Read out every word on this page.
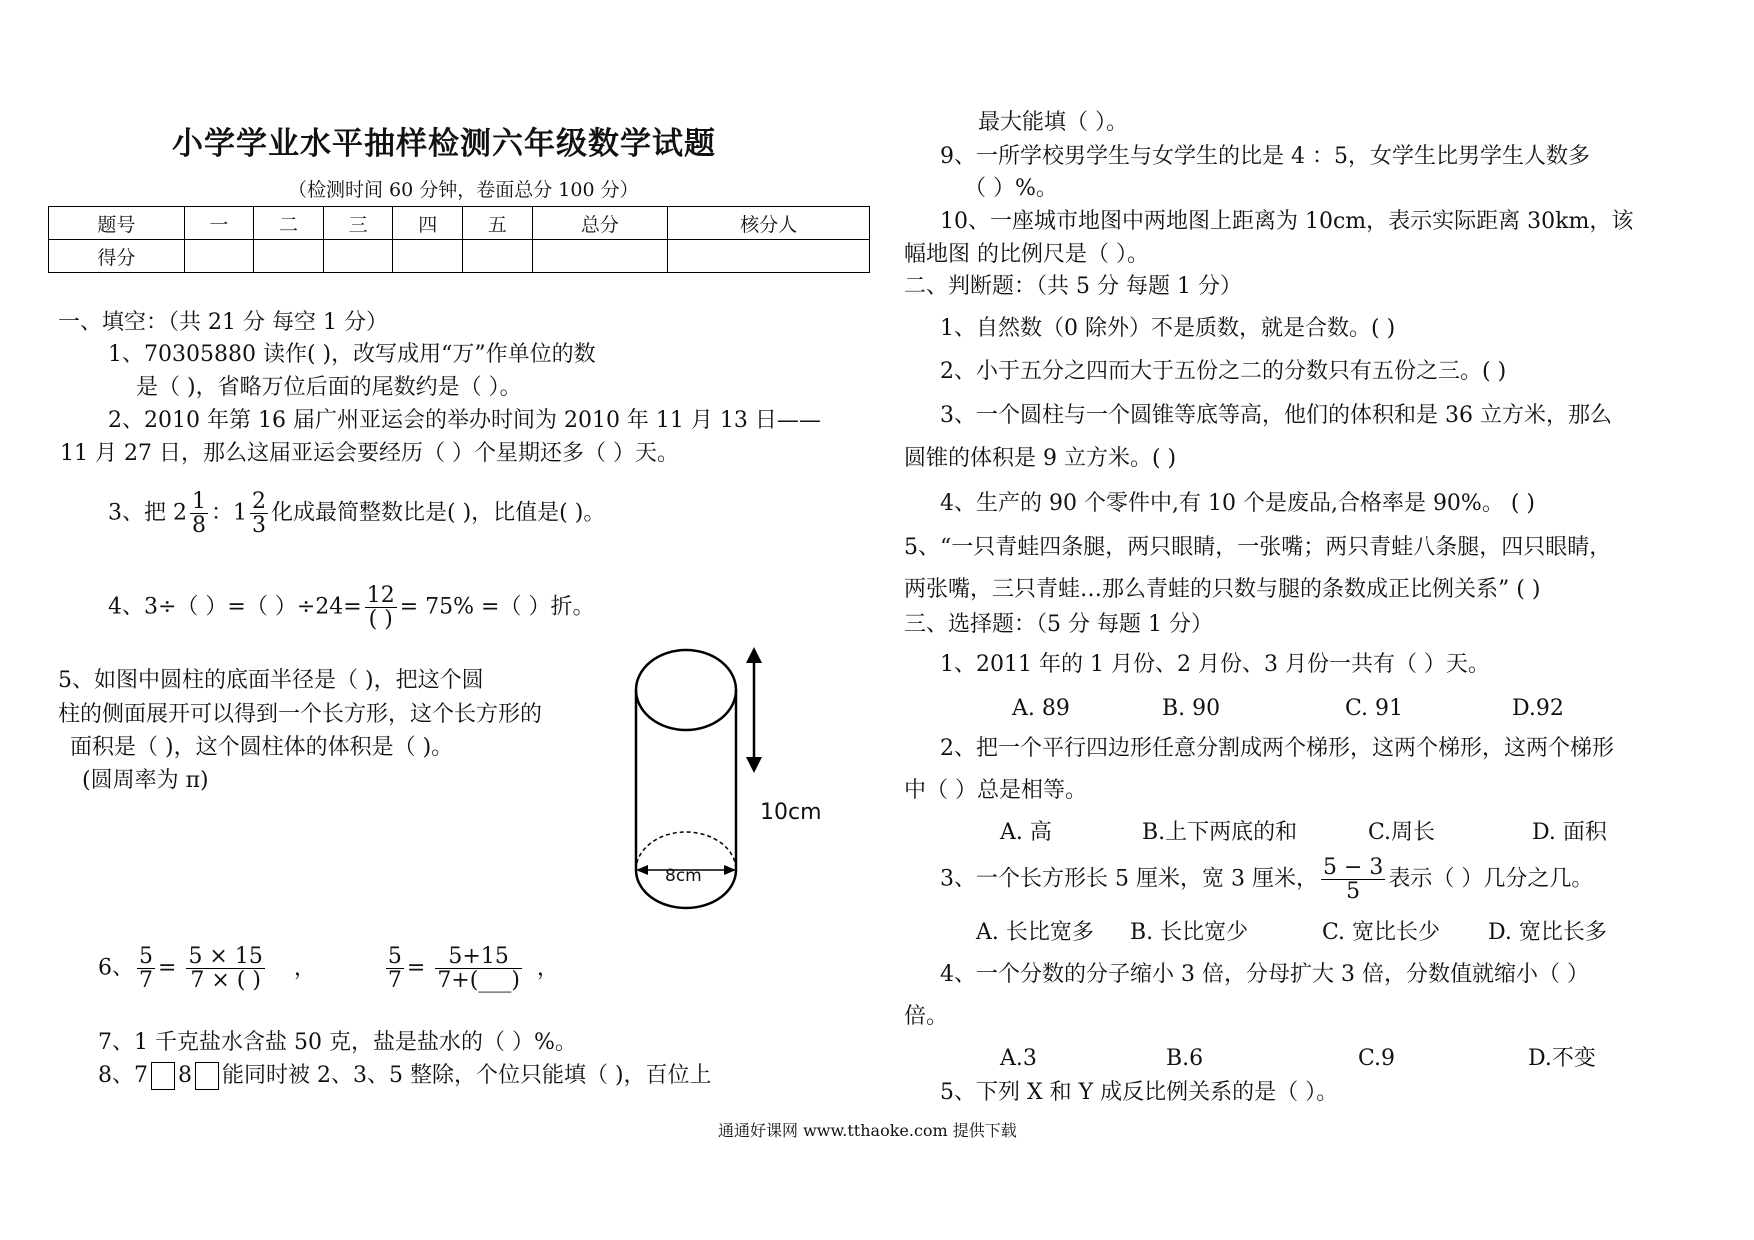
小学学业水平抽样检测六年级数学试题
（检测时间 60 分钟，卷面总分 100 分）
题号	一	二	三	四	五	总分	核分人
得分							
一、填空：（共 21 分 每空 1 分）
1、70305880 读作( )，改写成用“万”作单位的数
是（ )，省略万位后面的尾数约是（ ）。
2、2010 年第 16 届广州亚运会的举办时间为 2010 年 11 月 13 日——
11 月 27 日，那么这届亚运会要经历（ ）个星期还多（ ）天。
3、把 $2 \frac{1}{8}$ ：$1 \frac{2}{3}$ 化成最简整数比是( )，比值是( )。
4、3÷（ ）=（ ）$\div 24= \frac{12}{( )} = 75\%$ =（ ）折。
5、如图中圆柱的底面半径是（ )，把这个圆
柱的侧面展开可以得到一个长方形，这个长方形的
面积是（ )，这个圆柱体的体积是（ )。
(圆周率为 π)
10cm
8cm
6、 $\frac{5}{7} = \frac{5 \times 15}{7 \times ( )}$ ，	$\frac{5}{7} = \frac{5+15}{7+(\_\_\_)}$ ，
7、1 千克盐水含盐 50 克，盐是盐水的（ ）%。
8、7 8 能同时被 2、3、5 整除，个位只能填（ )，百位上
最大能填（ ）。
9、一所学校男学生与女学生的比是 4 ：5，女学生比男学生人数多
（ ）%。
10、一座城市地图中两地图上距离为 10cm，表示实际距离 30km，该
幅地图 的比例尺是（ ）。
二、判断题：（共 5 分 每题 1 分）
1、自然数（0 除外）不是质数，就是合数。( )
2、小于五分之四而大于五份之二的分数只有五份之三。( )
3、一个圆柱与一个圆锥等底等高，他们的体积和是 36 立方米，那么
圆锥的体积是 9 立方米。( )
4、生产的 90 个零件中,有 10 个是废品,合格率是 90%。 ( )
5、“一只青蛙四条腿，两只眼睛，一张嘴；两只青蛙八条腿，四只眼睛，
两张嘴，三只青蛙…那么青蛙的只数与腿的条数成正比例关系” ( )
三、选择题：（5 分 每题 1 分）
1、2011 年的 1 月份、2 月份、3 月份一共有（ ）天。
A. 89	B. 90	C. 91	D.92
2、把一个平行四边形任意分割成两个梯形，这两个梯形，这两个梯形
中（ ）总是相等。
A. 高	B.上下两底的和	C.周长	D. 面积
3、一个长方形长 5 厘米，宽 3 厘米， $\frac{5 - 3}{5}$ 表示（ ）几分之几。
A. 长比宽多 B. 长比宽少	C. 宽比长少 D. 宽比长多
4、一个分数的分子缩小 3 倍，分母扩大 3 倍，分数值就缩小（ ）
倍。
A.3	B.6	C.9	D.不变
5、下列 X 和 Y 成反比例关系的是（ ）。
通通好课网 www.tthaoke.com 提供下载
